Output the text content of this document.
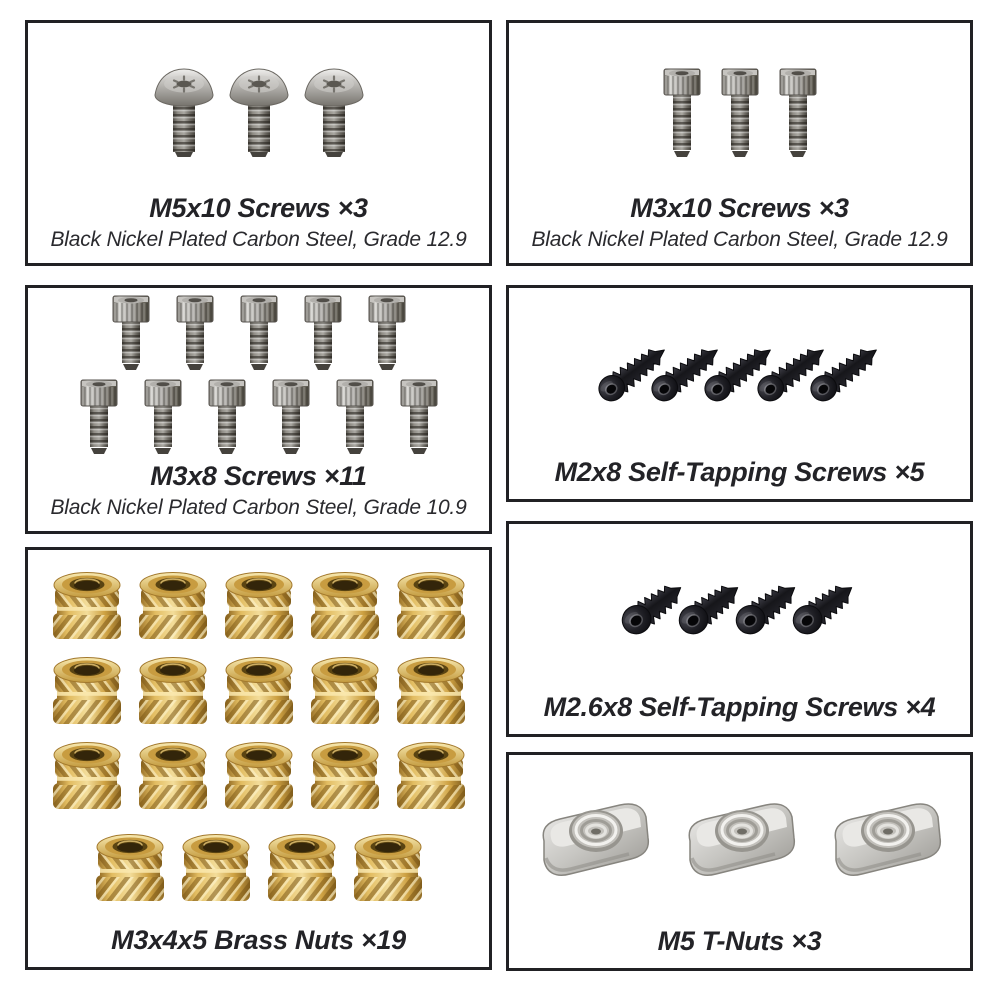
M5x10 Screws ×3
Black Nickel Plated Carbon Steel, Grade 12.9
M3x10 Screws ×3
Black Nickel Plated Carbon Steel, Grade 12.9
M3x8 Screws ×11
Black Nickel Plated Carbon Steel, Grade 10.9
M2x8 Self-Tapping Screws ×5
M2.6x8 Self-Tapping Screws ×4
M3x4x5 Brass Nuts ×19	M5 T-Nuts ×3
